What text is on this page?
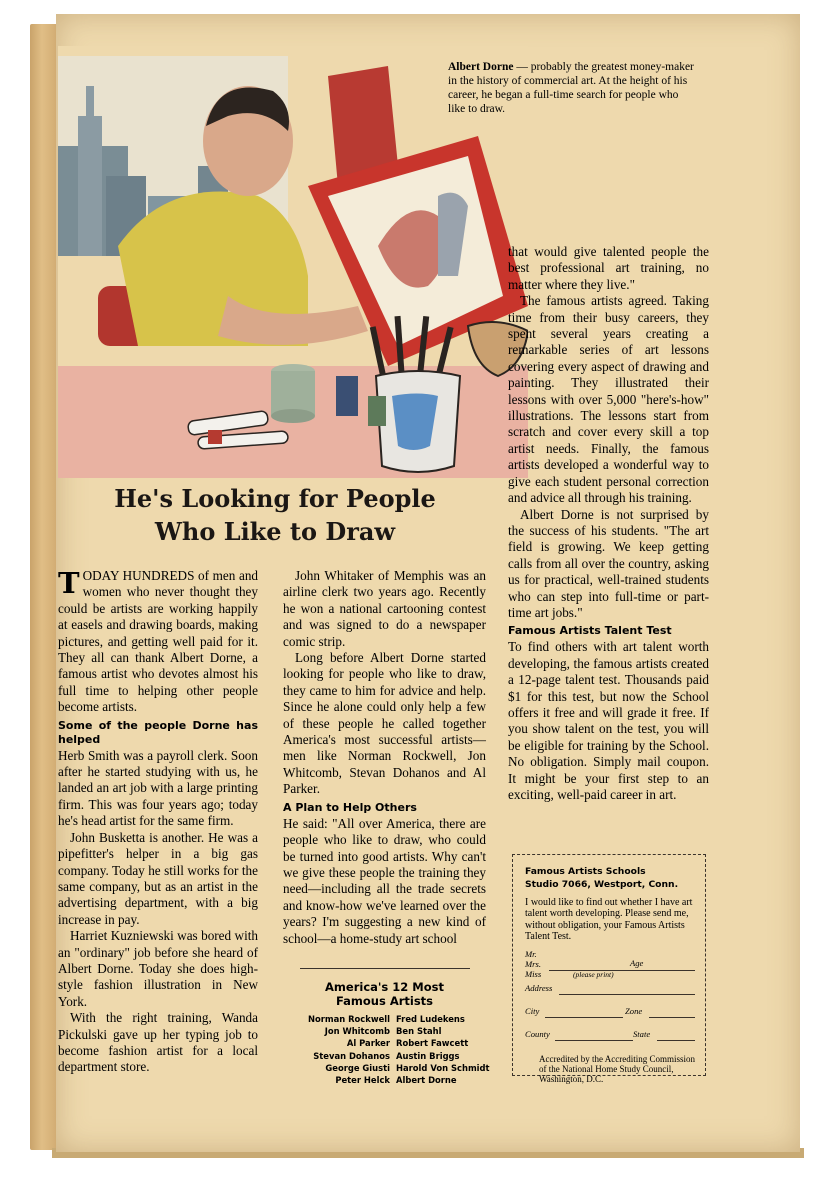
Albert Dorne — probably the greatest money-maker in the history of commercial art. At the height of his career, he began a full-time search for people who like to draw.
He's Looking for People
Who Like to Draw

TODAY HUNDREDS of men and women who never thought they could be artists are working happily at easels and drawing boards, making pictures, and getting well paid for it. They all can thank Albert Dorne, a famous artist who devotes almost his full time to helping other people become artists.

Some of the people Dorne has helped

Herb Smith was a payroll clerk. Soon after he started studying with us, he landed an art job with a large printing firm. This was four years ago; today he's head artist for the same firm.

John Busketta is another. He was a pipefitter's helper in a big gas company. Today he still works for the same company, but as an artist in the advertising department, with a big increase in pay.

Harriet Kuzniewski was bored with an "ordinary" job before she heard of Albert Dorne. Today she does high-style fashion illustration in New York.

With the right training, Wanda Pickulski gave up her typing job to become fashion artist for a local department store.

John Whitaker of Memphis was an airline clerk two years ago. Recently he won a national cartooning contest and was signed to do a newspaper comic strip.

Long before Albert Dorne started looking for people who like to draw, they came to him for advice and help. Since he alone could only help a few of these people he called together America's most successful artists—men like Norman Rockwell, Jon Whitcomb, Stevan Dohanos and Al Parker.

A Plan to Help Others

He said: "All over America, there are people who like to draw, who could be turned into good artists. Why can't we give these people the training they need—including all the trade secrets and know-how we've learned over the years? I'm suggesting a new kind of school—a home-study art school

America's 12 Most
Famous Artists
Norman Rockwell Fred Ludekens
Jon Whitcomb Ben Stahl
Al Parker Robert Fawcett
Stevan Dohanos Austin Briggs
George Giusti Harold Von Schmidt
Peter Helck Albert Dorne

that would give talented people the best professional art training, no matter where they live."

The famous artists agreed. Taking time from their busy careers, they spent several years creating a remarkable series of art lessons covering every aspect of drawing and painting. They illustrated their lessons with over 5,000 "here's-how" illustrations. The lessons start from scratch and cover every skill a top artist needs. Finally, the famous artists developed a wonderful way to give each student personal correction and advice all through his training.

Albert Dorne is not surprised by the success of his students. "The art field is growing. We keep getting calls from all over the country, asking us for practical, well-trained students who can step into full-time or part-time art jobs."

Famous Artists Talent Test

To find others with art talent worth developing, the famous artists created a 12-page talent test. Thousands paid $1 for this test, but now the School offers it free and will grade it free. If you show talent on the test, you will be eligible for training by the School. No obligation. Simply mail coupon. It might be your first step to an exciting, well-paid career in art.

Famous Artists Schools
Studio 7066, Westport, Conn.
I would like to find out whether I have art talent worth developing. Please send me, without obligation, your Famous Artists Talent Test.
Mr.
Mrs.
Miss
Age
(please print)
Address
City	Zone
County	State
Accredited by the Accrediting Commission of the National Home Study Council, Washington, D.C.
